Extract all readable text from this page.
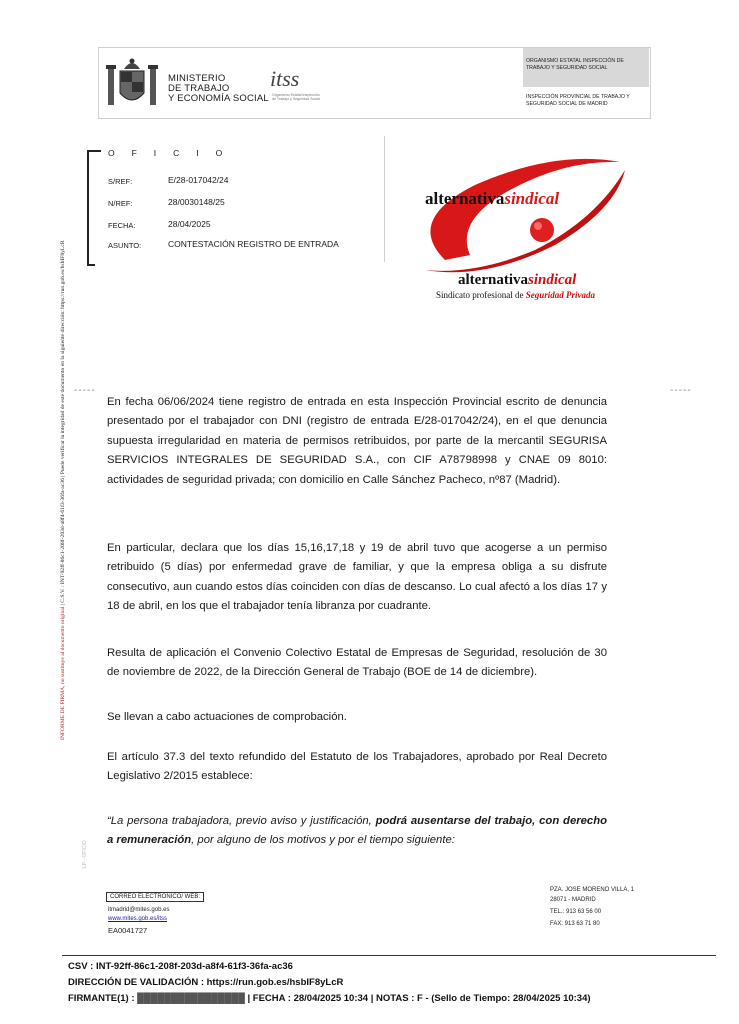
MINISTERIO
DE TRABAJO
Y ECONOMÍA SOCIAL
itss
Organismo Estatal Inspección de Trabajo y Seguridad Social
ORGANISMO ESTATAL INSPECCIÓN DE TRABAJO Y SEGURIDAD SOCIAL
INSPECCIÓN PROVINCIAL DE TRABAJO Y SEGURIDAD SOCIAL DE MADRID
OFICIO
S/REF:	E/28-017042/24
N/REF:	28/0030148/25
FECHA:	28/04/2025
ASUNTO:	CONTESTACIÓN REGISTRO DE ENTRADA
alternativasindical
alternativasindical
Sindicato profesional de Seguridad Privada
-----	-----
En fecha 06/06/2024 tiene registro de entrada en esta Inspección Provincial escrito de denuncia presentado por el trabajador con DNI (registro de entrada E/28-017042/24), en el que denuncia supuesta irregularidad en materia de permisos retribuidos, por parte de la mercantil SEGURISA SERVICIOS INTEGRALES DE SEGURIDAD S.A., con CIF A78798998 y CNAE 09 8010: actividades de seguridad privada; con domicilio en Calle Sánchez Pacheco, nº87 (Madrid).
En particular, declara que los días 15,16,17,18 y 19 de abril tuvo que acogerse a un permiso retribuido (5 días) por enfermedad grave de familiar, y que la empresa obliga a su disfrute consecutivo, aun cuando estos días coinciden con días de descanso. Lo cual afectó a los días 17 y 18 de abril, en los que el trabajador tenía libranza por cuadrante.
Resulta de aplicación el Convenio Colectivo Estatal de Empresas de Seguridad, resolución de 30 de noviembre de 2022, de la Dirección General de Trabajo (BOE de 14 de diciembre).
Se llevan a cabo actuaciones de comprobación.
El artículo 37.3 del texto refundido del Estatuto de los Trabajadores, aprobado por Real Decreto Legislativo 2/2015 establece:
“La persona trabajadora, previo aviso y justificación, podrá ausentarse del trabajo, con derecho a remuneración, por alguno de los motivos y por el tiempo siguiente:
INFORME DE FIRMA, no sustituye al documento original | C.S.V. : INT-92ff-86c1-208f-203d-a8f4-61f3-36fa-ac36 | Puede verificar la integridad de este documento en la siguiente dirección: https://run.gob.es/hsbIF8yLcR
LP - OFICIO
CORREO ELECTRÓNICO/ WEB:
itmadrid@mites.gob.es
www.mites.gob.es/itss
EA0041727
PZA. JOSE MORENO VILLA, 1
28071 - MADRID
TEL.: 913 63 56 00
FAX: 913 63 71 80
CSV : INT-92ff-86c1-208f-203d-a8f4-61f3-36fa-ac36
DIRECCIÓN DE VALIDACIÓN : https://run.gob.es/hsbIF8yLcR
FIRMANTE(1) : ████████████████ | FECHA : 28/04/2025 10:34 | NOTAS : F - (Sello de Tiempo: 28/04/2025 10:34)
